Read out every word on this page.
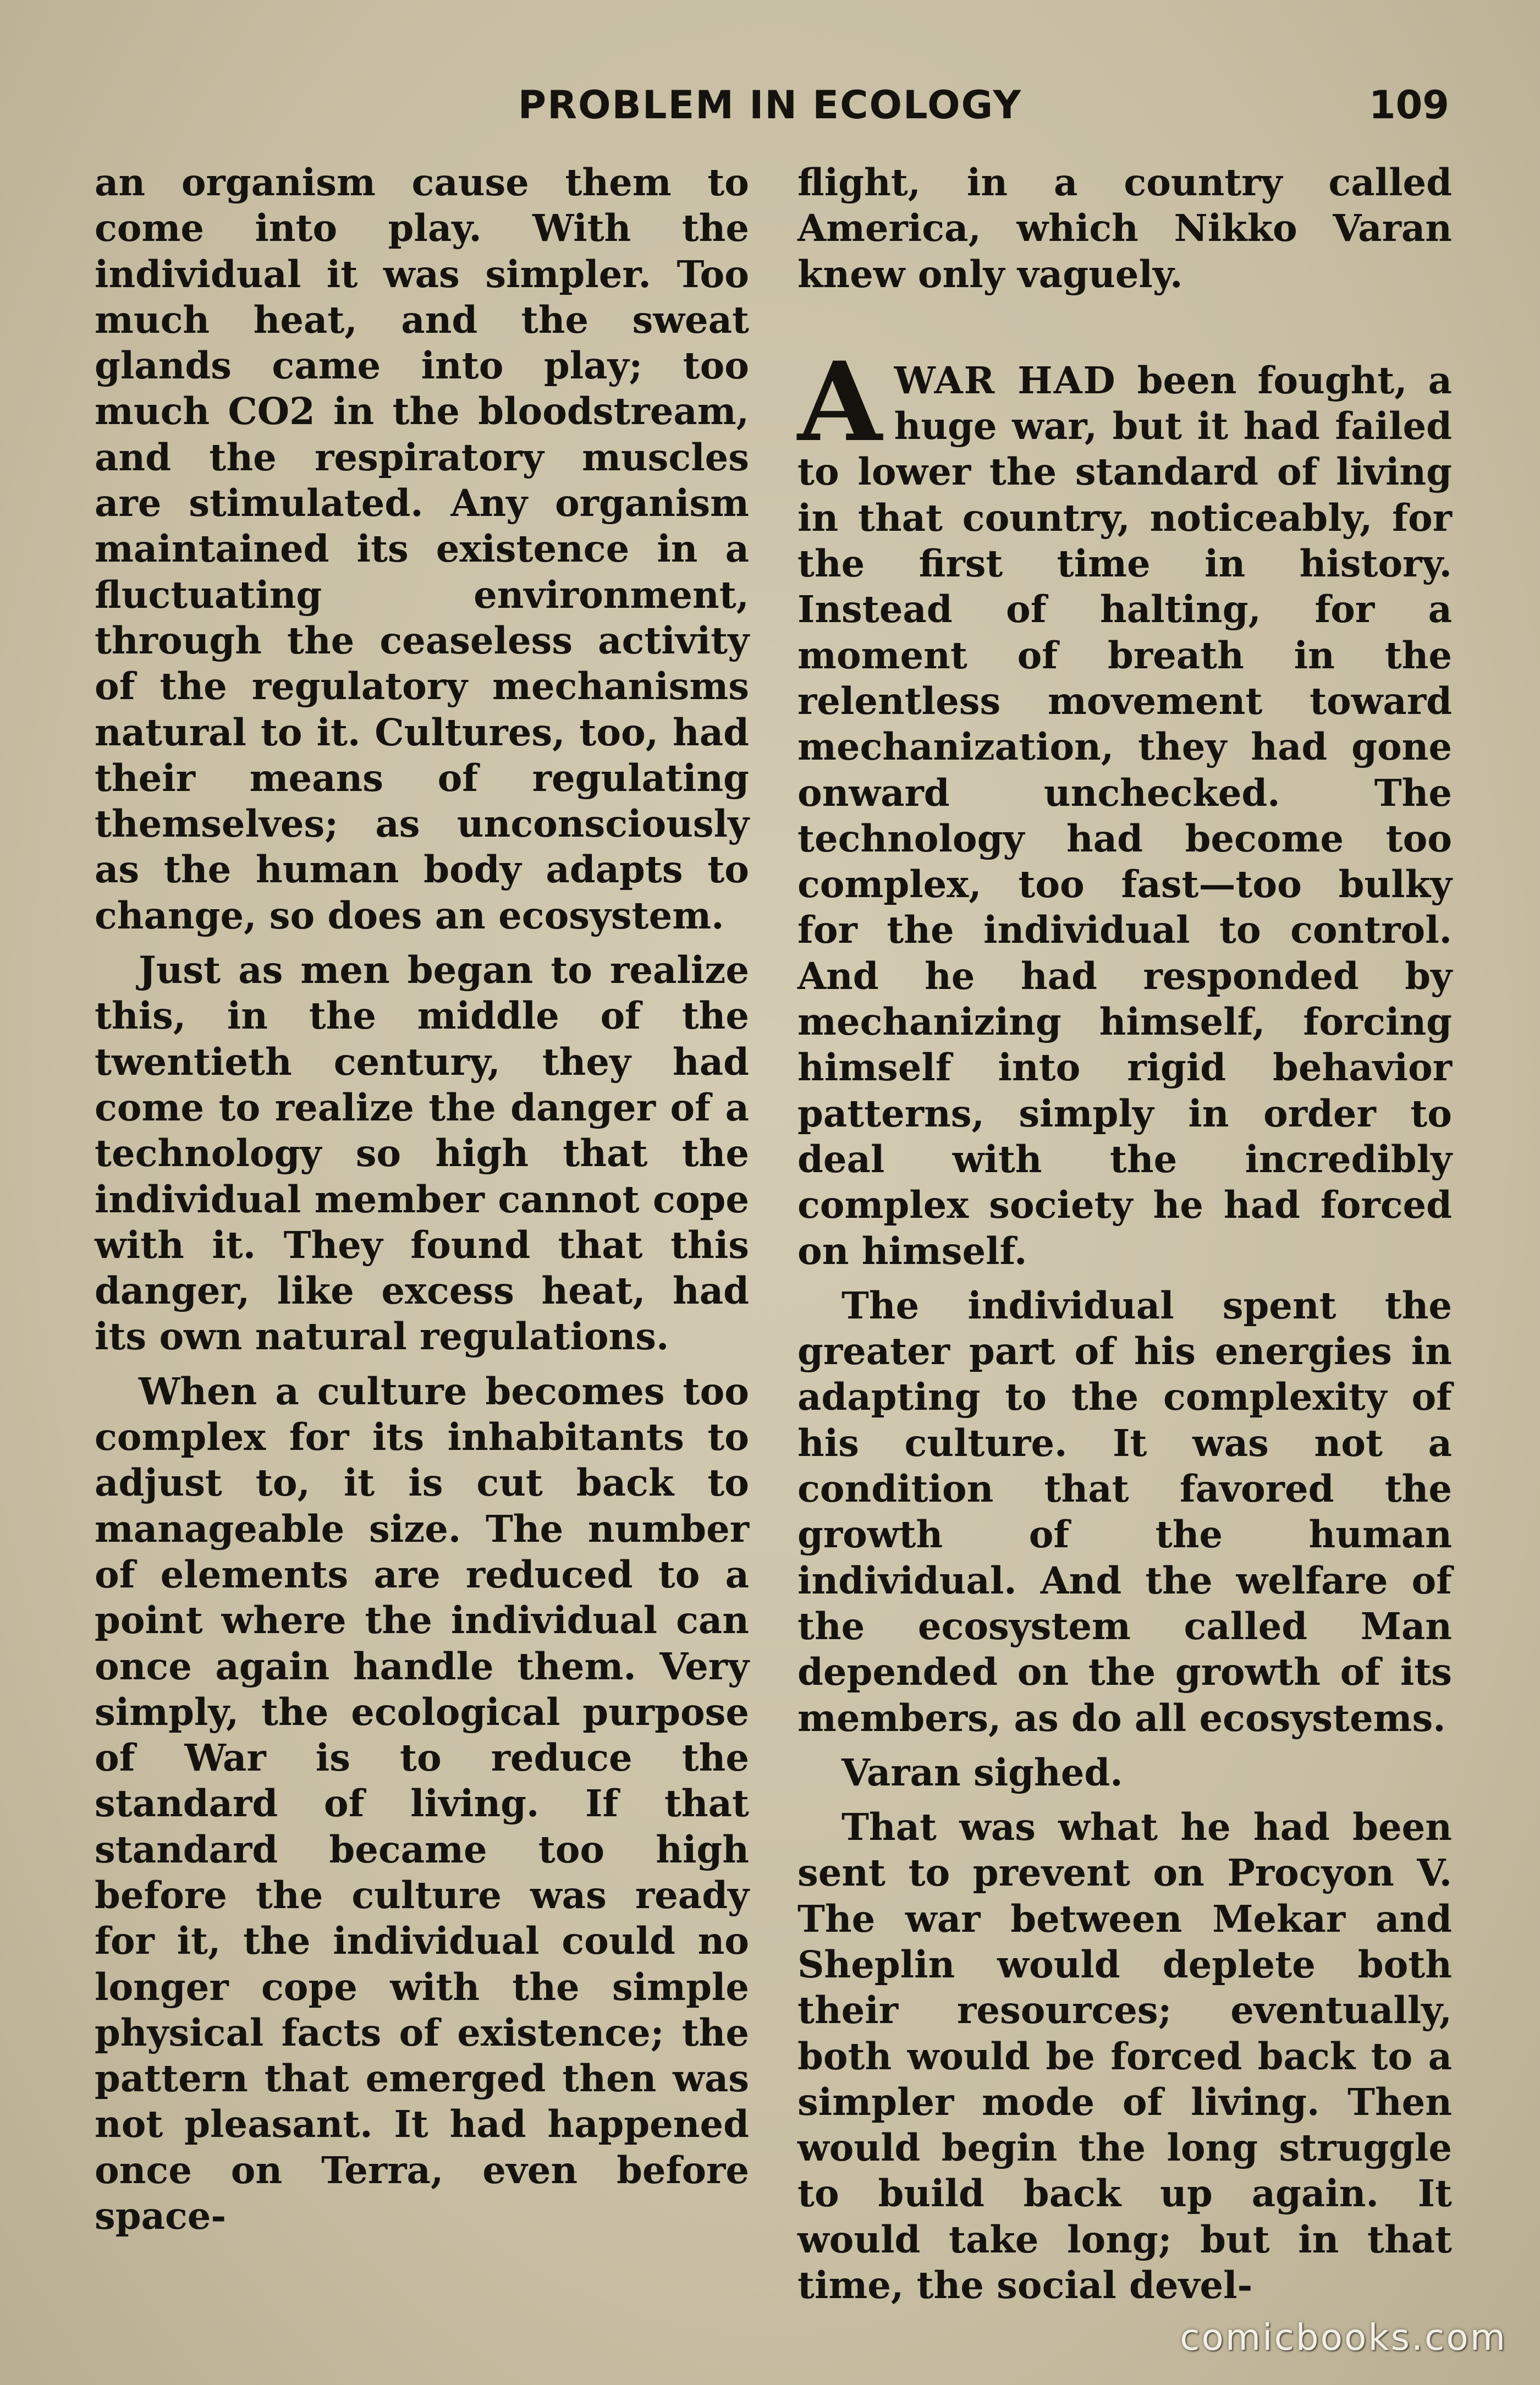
PROBLEM IN ECOLOGY	109

an organism cause them to come into play. With the individual it was simpler. Too much heat, and the sweat glands came into play; too much CO2 in the bloodstream, and the respiratory muscles are stimulated. Any organism maintained its existence in a fluctuating environment, through the ceaseless activity of the regulatory mechanisms natural to it. Cultures, too, had their means of regulating themselves; as unconsciously as the human body adapts to change, so does an ecosystem.

Just as men began to realize this, in the middle of the twentieth century, they had come to realize the danger of a technology so high that the individual member cannot cope with it. They found that this danger, like excess heat, had its own natural regulations.

When a culture becomes too complex for its inhabitants to adjust to, it is cut back to manageable size. The number of elements are reduced to a point where the individual can once again handle them. Very simply, the ecological purpose of War is to reduce the standard of living. If that standard became too high before the culture was ready for it, the individual could no longer cope with the simple physical facts of existence; the pattern that emerged then was not pleasant. It had happened once on Terra, even before space-

flight, in a country called America, which Nikko Varan knew only vaguely.

AWAR HAD been fought, a huge war, but it had failed to lower the standard of living in that country, noticeably, for the first time in history. Instead of halting, for a moment of breath in the relentless movement toward mechanization, they had gone onward unchecked. The technology had become too complex, too fast—too bulky for the individual to control. And he had responded by mechanizing himself, forcing himself into rigid behavior patterns, simply in order to deal with the incredibly complex society he had forced on himself.

The individual spent the greater part of his energies in adapting to the complexity of his culture. It was not a condition that favored the growth of the human individual. And the welfare of the ecosystem called Man depended on the growth of its members, as do all ecosystems.

Varan sighed.

That was what he had been sent to prevent on Procyon V. The war between Mekar and Sheplin would deplete both their resources; eventually, both would be forced back to a simpler mode of living. Then would begin the long struggle to build back up again. It would take long; but in that time, the social devel-

comicbooks.com
